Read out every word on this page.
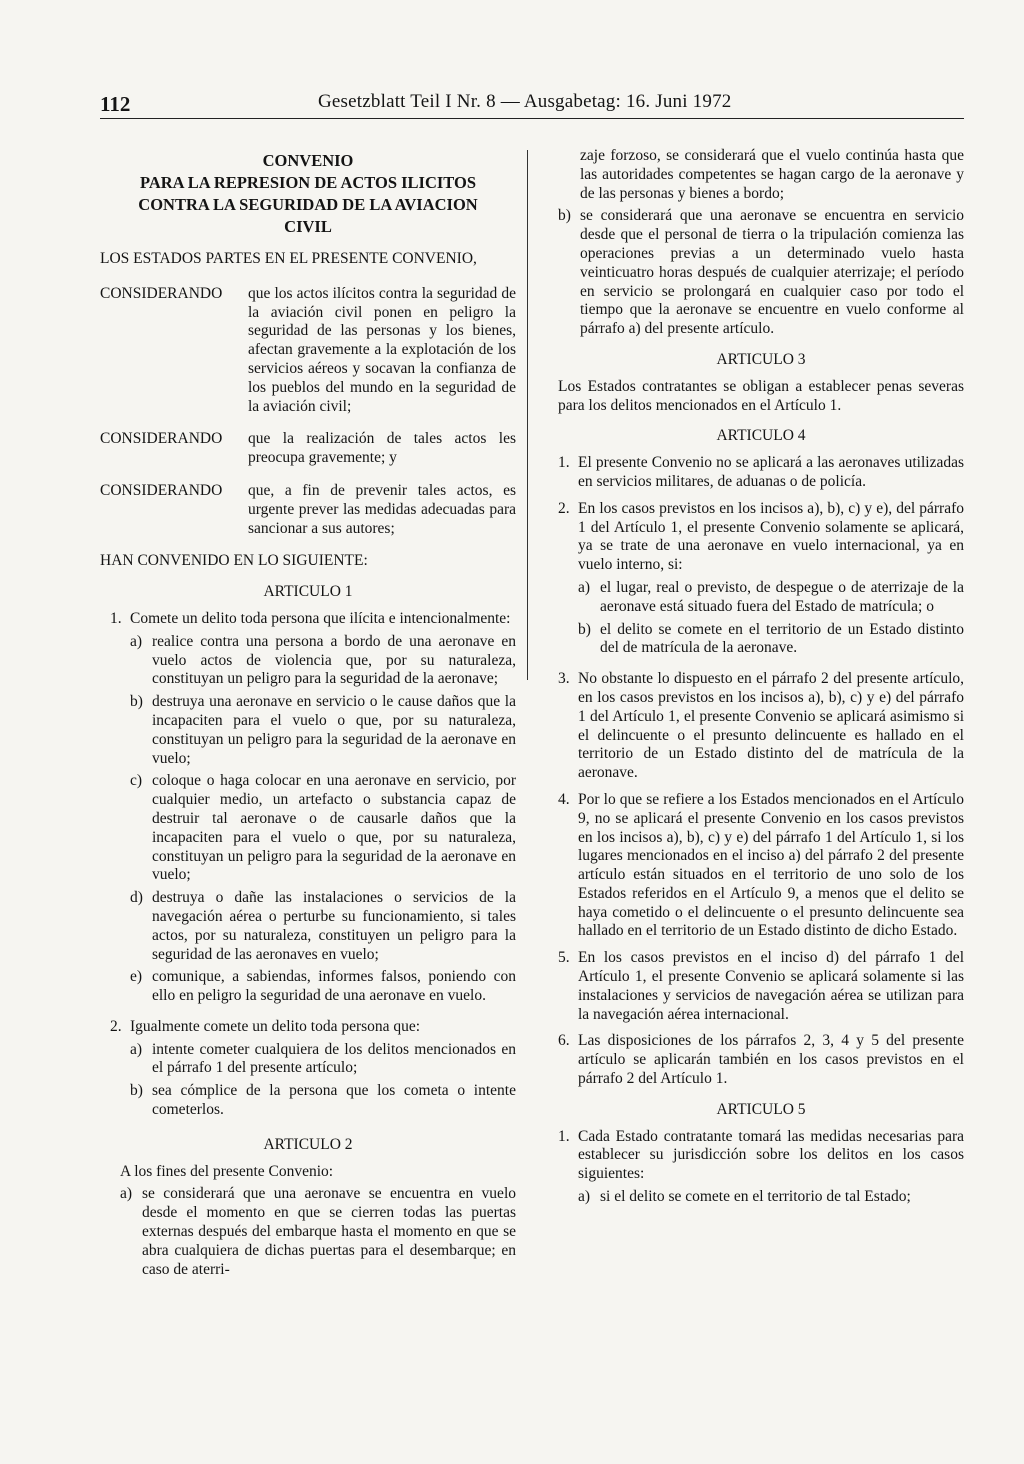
112	Gesetzblatt Teil I Nr. 8 — Ausgabetag: 16. Juni 1972
CONVENIO
PARA LA REPRESION DE ACTOS ILICITOS
CONTRA LA SEGURIDAD DE LA AVIACION
CIVIL

LOS ESTADOS PARTES EN EL PRESENTE CONVENIO,

CONSIDERANDO	que los actos ilícitos contra la seguridad de la aviación civil ponen en peligro la seguridad de las personas y los bienes, afectan gravemente a la explotación de los servicios aéreos y socavan la confianza de los pueblos del mundo en la seguridad de la aviación civil;
CONSIDERANDO	que la realización de tales actos les preocupa gravemente; y
CONSIDERANDO	que, a fin de prevenir tales actos, es urgente prever las medidas adecuadas para sancionar a sus autores;

HAN CONVENIDO EN LO SIGUIENTE:

ARTICULO 1
1. Comete un delito toda persona que ilícita e intencionalmente:
a) realice contra una persona a bordo de una aeronave en vuelo actos de violencia que, por su naturaleza, constituyan un peligro para la seguridad de la aeronave;
b) destruya una aeronave en servicio o le cause daños que la incapaciten para el vuelo o que, por su naturaleza, constituyan un peligro para la seguridad de la aeronave en vuelo;
c) coloque o haga colocar en una aeronave en servicio, por cualquier medio, un artefacto o substancia capaz de destruir tal aeronave o de causarle daños que la incapaciten para el vuelo o que, por su naturaleza, constituyan un peligro para la seguridad de la aeronave en vuelo;
d) destruya o dañe las instalaciones o servicios de la navegación aérea o perturbe su funcionamiento, si tales actos, por su naturaleza, constituyen un peligro para la seguridad de las aeronaves en vuelo;
e) comunique, a sabiendas, informes falsos, poniendo con ello en peligro la seguridad de una aeronave en vuelo.
2. Igualmente comete un delito toda persona que:
a) intente cometer cualquiera de los delitos mencionados en el párrafo 1 del presente artículo;
b) sea cómplice de la persona que los cometa o intente cometerlos.
ARTICULO 2
A los fines del presente Convenio:
a) se considerará que una aeronave se encuentra en vuelo desde el momento en que se cierren todas las puertas externas después del embarque hasta el momento en que se abra cualquiera de dichas puertas para el desembarque; en caso de aterri-
zaje forzoso, se considerará que el vuelo continúa hasta que las autoridades competentes se hagan cargo de la aeronave y de las personas y bienes a bordo;
b) se considerará que una aeronave se encuentra en servicio desde que el personal de tierra o la tripulación comienza las operaciones previas a un determinado vuelo hasta veinticuatro horas después de cualquier aterrizaje; el período en servicio se prolongará en cualquier caso por todo el tiempo que la aeronave se encuentre en vuelo conforme al párrafo a) del presente artículo.
ARTICULO 3

Los Estados contratantes se obligan a establecer penas severas para los delitos mencionados en el Artículo 1.

ARTICULO 4
1. El presente Convenio no se aplicará a las aeronaves utilizadas en servicios militares, de aduanas o de policía.
2. En los casos previstos en los incisos a), b), c) y e), del párrafo 1 del Artículo 1, el presente Convenio solamente se aplicará, ya se trate de una aeronave en vuelo internacional, ya en vuelo interno, si:
a) el lugar, real o previsto, de despegue o de aterrizaje de la aeronave está situado fuera del Estado de matrícula; o
b) el delito se comete en el territorio de un Estado distinto del de matrícula de la aeronave.
3. No obstante lo dispuesto en el párrafo 2 del presente artículo, en los casos previstos en los incisos a), b), c) y e) del párrafo 1 del Artículo 1, el presente Convenio se aplicará asimismo si el delincuente o el presunto delincuente es hallado en el territorio de un Estado distinto del de matrícula de la aeronave.
4. Por lo que se refiere a los Estados mencionados en el Artículo 9, no se aplicará el presente Convenio en los casos previstos en los incisos a), b), c) y e) del párrafo 1 del Artículo 1, si los lugares mencionados en el inciso a) del párrafo 2 del presente artículo están situados en el territorio de uno solo de los Estados referidos en el Artículo 9, a menos que el delito se haya cometido o el delincuente o el presunto delincuente sea hallado en el territorio de un Estado distinto de dicho Estado.
5. En los casos previstos en el inciso d) del párrafo 1 del Artículo 1, el presente Convenio se aplicará solamente si las instalaciones y servicios de navegación aérea se utilizan para la navegación aérea internacional.
6. Las disposiciones de los párrafos 2, 3, 4 y 5 del presente artículo se aplicarán también en los casos previstos en el párrafo 2 del Artículo 1.
ARTICULO 5
1. Cada Estado contratante tomará las medidas necesarias para establecer su jurisdicción sobre los delitos en los casos siguientes:
a) si el delito se comete en el territorio de tal Estado;
